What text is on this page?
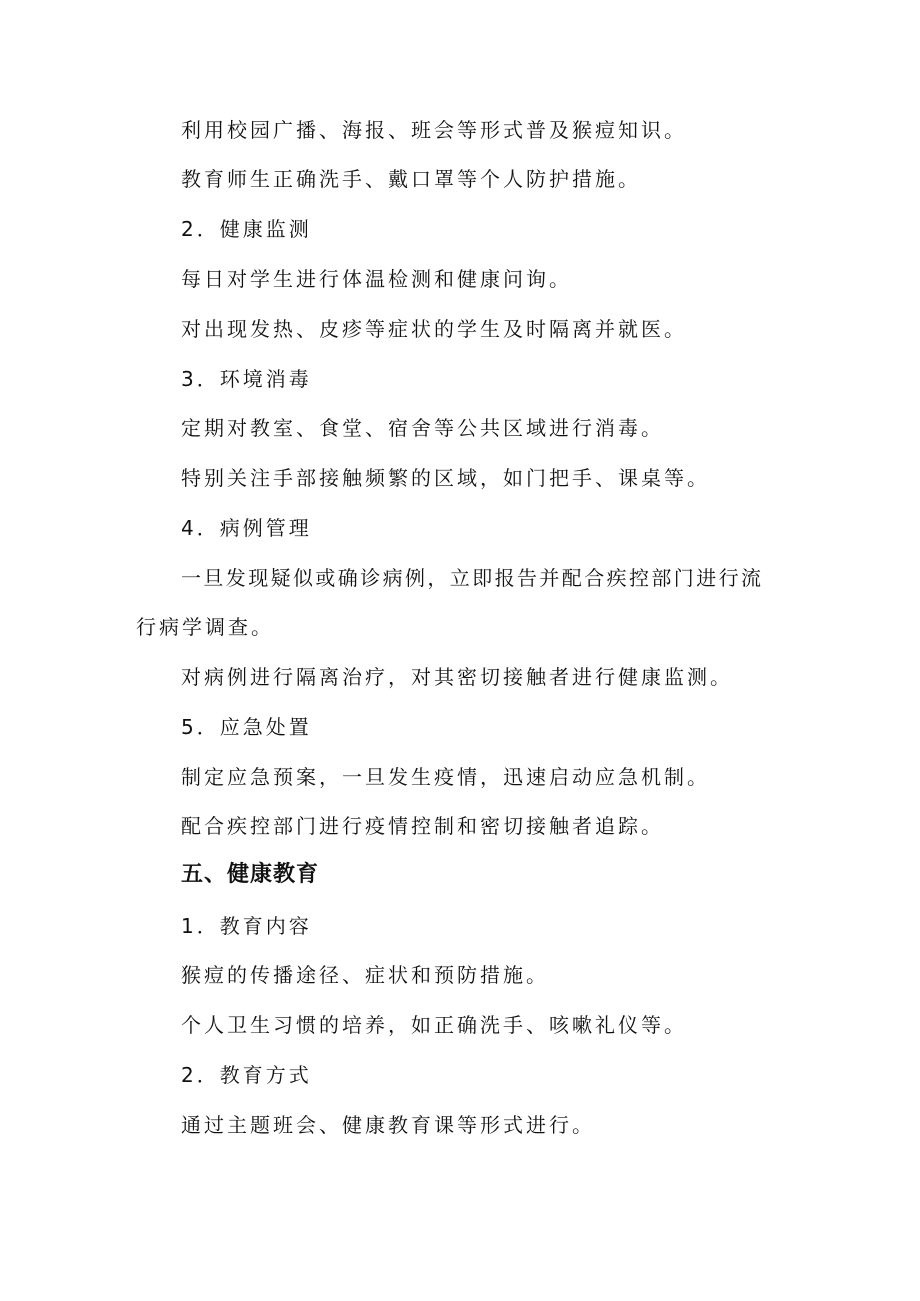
利用校园广播、海报、班会等形式普及猴痘知识。
教育师生正确洗手、戴口罩等个人防护措施。
2．健康监测
每日对学生进行体温检测和健康问询。
对出现发热、皮疹等症状的学生及时隔离并就医。
3．环境消毒
定期对教室、食堂、宿舍等公共区域进行消毒。
特别关注手部接触频繁的区域，如门把手、课桌等。
4．病例管理
一旦发现疑似或确诊病例，立即报告并配合疾控部门进行流
行病学调查。
对病例进行隔离治疗，对其密切接触者进行健康监测。
5．应急处置
制定应急预案，一旦发生疫情，迅速启动应急机制。
配合疾控部门进行疫情控制和密切接触者追踪。
五、健康教育
1．教育内容
猴痘的传播途径、症状和预防措施。
个人卫生习惯的培养，如正确洗手、咳嗽礼仪等。
2．教育方式
通过主题班会、健康教育课等形式进行。
